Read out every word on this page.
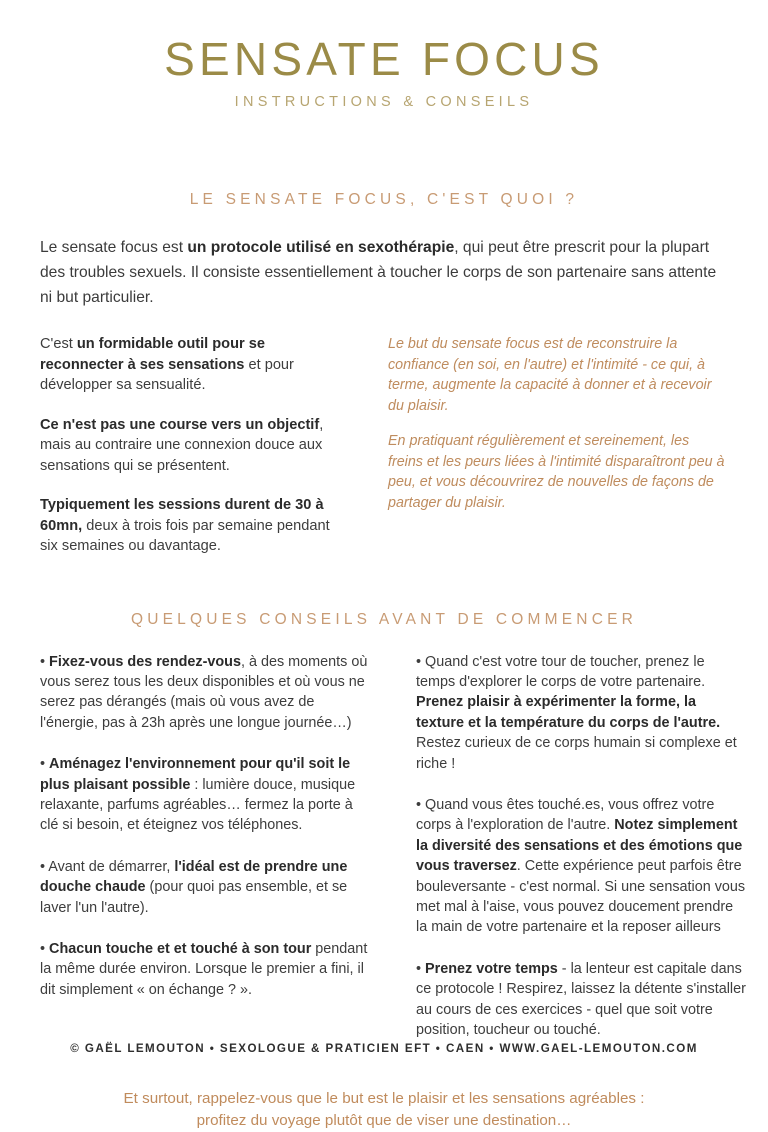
SENSATE FOCUS
INSTRUCTIONS & CONSEILS
LE SENSATE FOCUS, C'EST QUOI ?

Le sensate focus est un protocole utilisé en sexothérapie, qui peut être prescrit pour la plupart des troubles sexuels. Il consiste essentiellement à toucher le corps de son partenaire sans attente ni but particulier.

C'est un formidable outil pour se reconnecter à ses sensations et pour développer sa sensualité.

Ce n'est pas une course vers un objectif, mais au contraire une connexion douce aux sensations qui se présentent.

Typiquement les sessions durent de 30 à 60mn, deux à trois fois par semaine pendant six semaines ou davantage.

Le but du sensate focus est de reconstruire la confiance (en soi, en l'autre) et l'intimité - ce qui, à terme, augmente la capacité à donner et à recevoir du plaisir.

En pratiquant régulièrement et sereinement, les freins et les peurs liées à l'intimité disparaîtront peu à peu, et vous découvrirez de nouvelles de façons de partager du plaisir.

QUELQUES CONSEILS AVANT DE COMMENCER

• Fixez-vous des rendez-vous, à des moments où vous serez tous les deux disponibles et où vous ne serez pas dérangés (mais où vous avez de l'énergie, pas à 23h après une longue journée…)

• Aménagez l'environnement pour qu'il soit le plus plaisant possible : lumière douce, musique relaxante, parfums agréables… fermez la porte à clé si besoin, et éteignez vos téléphones.

• Avant de démarrer, l'idéal est de prendre une douche chaude (pour quoi pas ensemble, et se laver l'un l'autre).

• Chacun touche et et touché à son tour pendant la même durée environ. Lorsque le premier a fini, il dit simplement « on échange ? ».

• Quand c'est votre tour de toucher, prenez le temps d'explorer le corps de votre partenaire. Prenez plaisir à expérimenter la forme, la texture et la température du corps de l'autre. Restez curieux de ce corps humain si complexe et riche !

• Quand vous êtes touché.es, vous offrez votre corps à l'exploration de l'autre. Notez simplement la diversité des sensations et des émotions que vous traversez. Cette expérience peut parfois être bouleversante - c'est normal. Si une sensation vous met mal à l'aise, vous pouvez doucement prendre la main de votre partenaire et la reposer ailleurs

• Prenez votre temps - la lenteur est capitale dans ce protocole ! Respirez, laissez la détente s'installer au cours de ces exercices - quel que soit votre position, toucheur ou touché.

Et surtout, rappelez-vous que le but est le plaisir et les sensations agréables :
profitez du voyage plutôt que de viser une destination…
© GAËL LEMOUTON • SEXOLOGUE & PRATICIEN EFT • CAEN • WWW.GAEL-LEMOUTON.COM
